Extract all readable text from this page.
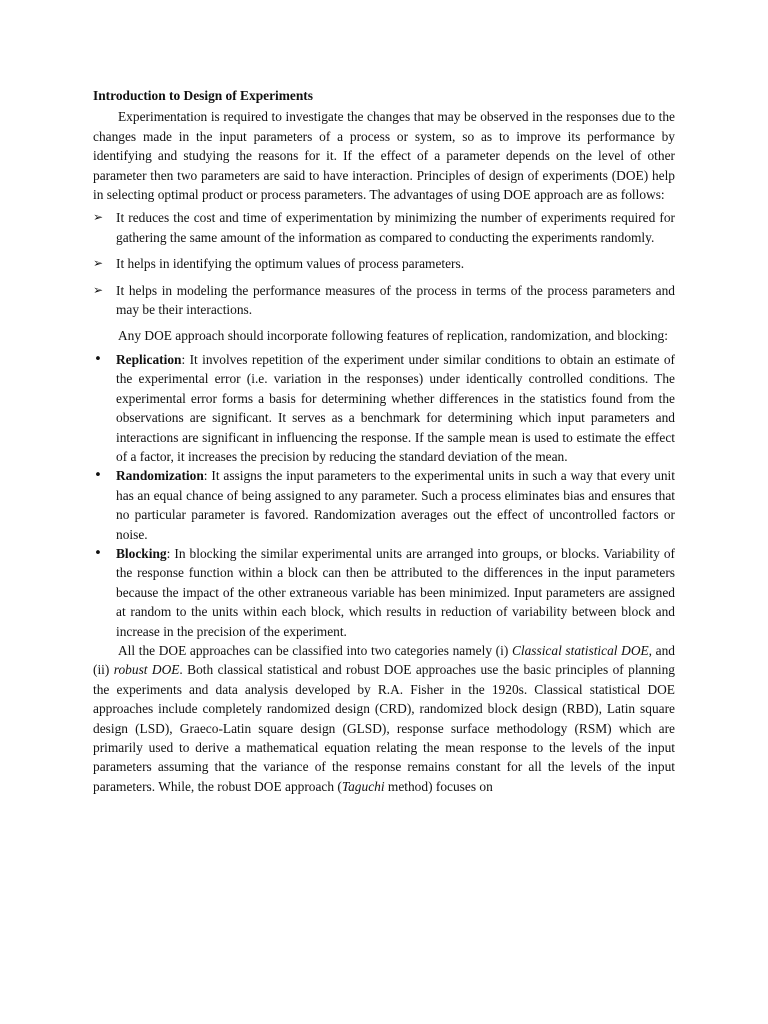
Introduction to Design of Experiments

Experimentation is required to investigate the changes that may be observed in the responses due to the changes made in the input parameters of a process or system, so as to improve its performance by identifying and studying the reasons for it. If the effect of a parameter depends on the level of other parameter then two parameters are said to have interaction. Principles of design of experiments (DOE) help in selecting optimal product or process parameters. The advantages of using DOE approach are as follows:

➢ It reduces the cost and time of experimentation by minimizing the number of experiments required for gathering the same amount of the information as compared to conducting the experiments randomly.
➢ It helps in identifying the optimum values of process parameters.
➢ It helps in modeling the performance measures of the process in terms of the process parameters and may be their interactions.

Any DOE approach should incorporate following features of replication, randomization, and blocking:

• Replication: It involves repetition of the experiment under similar conditions to obtain an estimate of the experimental error (i.e. variation in the responses) under identically controlled conditions. The experimental error forms a basis for determining whether differences in the statistics found from the observations are significant. It serves as a benchmark for determining which input parameters and interactions are significant in influencing the response. If the sample mean is used to estimate the effect of a factor, it increases the precision by reducing the standard deviation of the mean.
• Randomization: It assigns the input parameters to the experimental units in such a way that every unit has an equal chance of being assigned to any parameter. Such a process eliminates bias and ensures that no particular parameter is favored. Randomization averages out the effect of uncontrolled factors or noise.
• Blocking: In blocking the similar experimental units are arranged into groups, or blocks. Variability of the response function within a block can then be attributed to the differences in the input parameters because the impact of the other extraneous variable has been minimized. Input parameters are assigned at random to the units within each block, which results in reduction of variability between block and increase in the precision of the experiment.

All the DOE approaches can be classified into two categories namely (i) Classical statistical DOE, and (ii) robust DOE. Both classical statistical and robust DOE approaches use the basic principles of planning the experiments and data analysis developed by R.A. Fisher in the 1920s. Classical statistical DOE approaches include completely randomized design (CRD), randomized block design (RBD), Latin square design (LSD), Graeco-Latin square design (GLSD), response surface methodology (RSM) which are primarily used to derive a mathematical equation relating the mean response to the levels of the input parameters assuming that the variance of the response remains constant for all the levels of the input parameters. While, the robust DOE approach (Taguchi method) focuses on
